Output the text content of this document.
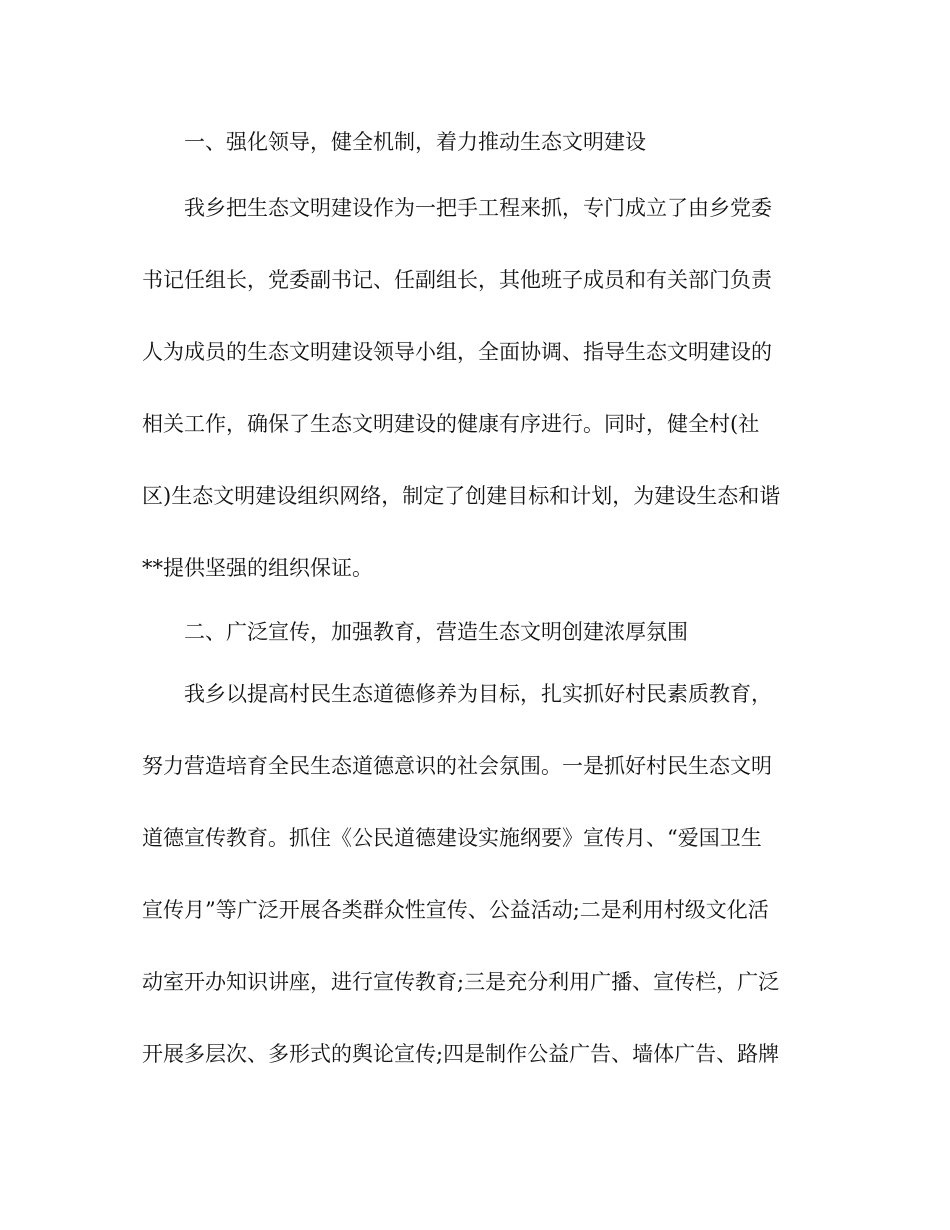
一、强化领导，健全机制，着力推动生态文明建设
我乡把生态文明建设作为一把手工程来抓，专门成立了由乡党委
书记任组长，党委副书记、任副组长，其他班子成员和有关部门负责
人为成员的生态文明建设领导小组，全面协调、指导生态文明建设的
相关工作，确保了生态文明建设的健康有序进行。同时，健全村(社
区)生态文明建设组织网络，制定了创建目标和计划，为建设生态和谐
**提供坚强的组织保证。
二、广泛宣传，加强教育，营造生态文明创建浓厚氛围
我乡以提高村民生态道德修养为目标，扎实抓好村民素质教育，
努力营造培育全民生态道德意识的社会氛围。一是抓好村民生态文明
道德宣传教育。抓住《公民道德建设实施纲要》宣传月、“爱国卫生
宣传月”等广泛开展各类群众性宣传、公益活动;二是利用村级文化活
动室开办知识讲座，进行宣传教育;三是充分利用广播、宣传栏，广泛
开展多层次、多形式的舆论宣传;四是制作公益广告、墙体广告、路牌
